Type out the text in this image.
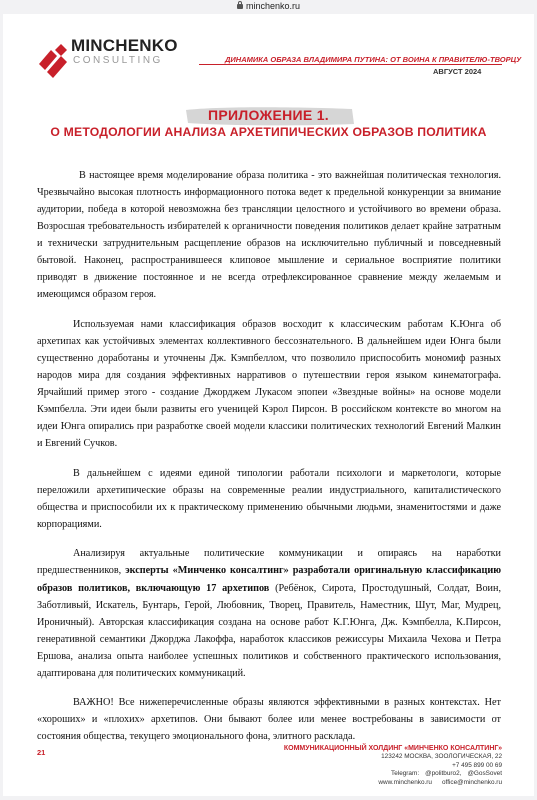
minchenko.ru
MINCHENKO
CONSULTING	ДИНАМИКА ОБРАЗА ВЛАДИМИРА ПУТИНА: ОТ ВОИНА К ПРАВИТЕЛЮ-ТВОРЦУ
АВГУСТ 2024
ПРИЛОЖЕНИЕ 1.
О МЕТОДОЛОГИИ АНАЛИЗА АРХЕТИПИЧЕСКИХ ОБРАЗОВ ПОЛИТИКА

В настоящее время моделирование образа политика - это важнейшая политическая технология. Чрезвычайно высокая плотность информационного потока ведет к предельной конкуренции за внимание аудитории, победа в которой невозможна без трансляции целостного и устойчивого во времени образа. Возросшая требовательность избирателей к органичности поведения политиков делает крайне затратным и технически затруднительным расщепление образов на исключительно публичный и повседневный бытовой. Наконец, распространившееся клиповое мышление и сериальное восприятие политики приводят в движение постоянное и не всегда отрефлексированное сравнение между желаемым и имеющимся образом героя.

Используемая нами классификация образов восходит к классическим работам К.Юнга об архетипах как устойчивых элементах коллективного бессознательного. В дальнейшем идеи Юнга были существенно доработаны и уточнены Дж. Кэмпбеллом, что позволило приспособить мономиф разных народов мира для создания эффективных нарративов о путешествии героя языком кинематографа. Ярчайший пример этого - создание Джорджем Лукасом эпопеи «Звездные войны» на основе модели Кэмпбелла. Эти идеи были развиты его ученицей Кэрол Пирсон. В российском контексте во многом на идеи Юнга опирались при разработке своей модели классики политических технологий Евгений Малкин и Евгений Сучков.

В дальнейшем с идеями единой типологии работали психологи и маркетологи, которые переложили архетипические образы на современные реалии индустриального, капиталистического общества и приспособили их к практическому применению обычными людьми, знаменитостями и даже корпорациями.

Анализируя актуальные политические коммуникации и опираясь на наработки предшественников, эксперты «Минченко консалтинг» разработали оригинальную классификацию образов политиков, включающую 17 архетипов (Ребёнок, Сирота, Простодушный, Солдат, Воин, Заботливый, Искатель, Бунтарь, Герой, Любовник, Творец, Правитель, Наместник, Шут, Маг, Мудрец, Ироничный). Авторская классификация создана на основе работ К.Г.Юнга, Дж. Кэмпбелла, К.Пирсон, генеративной семантики Джорджа Лакоффа, наработок классиков режиссуры Михаила Чехова и Петра Ершова, анализа опыта наиболее успешных политиков и собственного практического использования, адаптирована для политических коммуникаций.

ВАЖНО! Все нижеперечисленные образы являются эффективными в разных контекстах. Нет «хороших» и «плохих» архетипов. Они бывают более или менее востребованы в зависимости от состояния общества, текущего эмоционального фона, элитного расклада.

21	КОММУНИКАЦИОННЫЙ ХОЛДИНГ «МИНЧЕНКО КОНСАЛТИНГ»
123242 МОСКВА, ЗООЛОГИЧЕСКАЯ, 22
+7 495 899 00 69
Telegram: @politburo2, @GosSovet
www.minchenko.ru office@minchenko.ru
